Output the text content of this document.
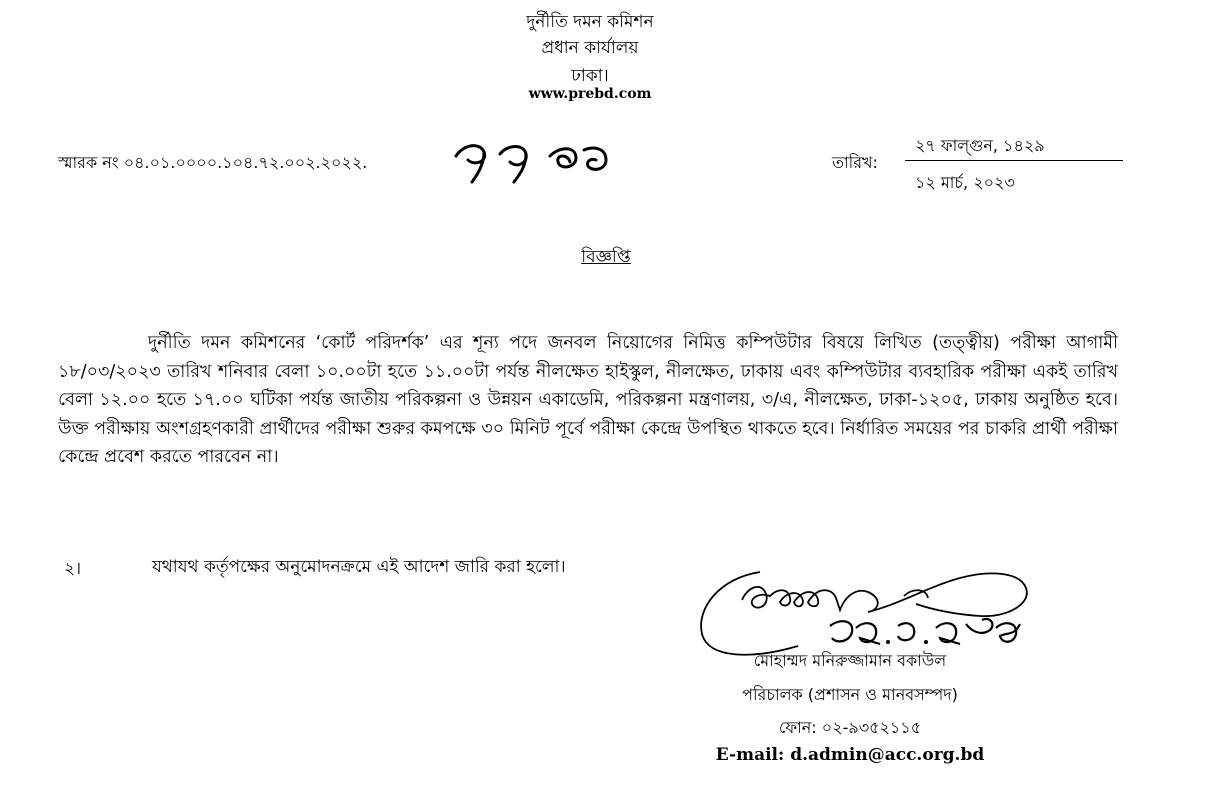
দুর্নীতি দমন কমিশন
প্রধান কার্যালয়
ঢাকা।
www.prebd.com
স্মারক নং ০৪.০১.০০০০.১০৪.৭২.০০২.২০২২.	তারিখ:
২৭ ফাল্গুন, ১৪২৯
১২ মার্চ, ২০২৩
বিজ্ঞপ্তি
দুর্নীতি দমন কমিশনের ‘কোর্ট পরিদর্শক’ এর শূন্য পদে জনবল নিয়োগের নিমিত্ত কম্পিউটার বিষয়ে লিখিত (তত্ত্বীয়) পরীক্ষা আগামী ১৮/০৩/২০২৩ তারিখ শনিবার বেলা ১০.০০টা হতে ১১.০০টা পর্যন্ত নীলক্ষেত হাইস্কুল, নীলক্ষেত, ঢাকায় এবং কম্পিউটার ব্যবহারিক পরীক্ষা একই তারিখ বেলা ১২.০০ হতে ১৭.০০ ঘটিকা পর্যন্ত জাতীয় পরিকল্পনা ও উন্নয়ন একাডেমি, পরিকল্পনা মন্ত্রণালয়, ৩/এ, নীলক্ষেত, ঢাকা-১২০৫, ঢাকায় অনুষ্ঠিত হবে। উক্ত পরীক্ষায় অংশগ্রহণকারী প্রার্থীদের পরীক্ষা শুরুর কমপক্ষে ৩০ মিনিট পূর্বে পরীক্ষা কেন্দ্রে উপস্থিত থাকতে হবে। নির্ধারিত সময়ের পর চাকরি প্রার্থী পরীক্ষা কেন্দ্রে প্রবেশ করতে পারবেন না।
২।	যথাযথ কর্তৃপক্ষের অনুমোদনক্রমে এই আদেশ জারি করা হলো।
মোহাম্মদ মনিরুজ্জামান বকাউল
পরিচালক (প্রশাসন ও মানবসম্পদ)
ফোন: ০২-৯৩৫২১১৫
E-mail: d.admin@acc.org.bd
